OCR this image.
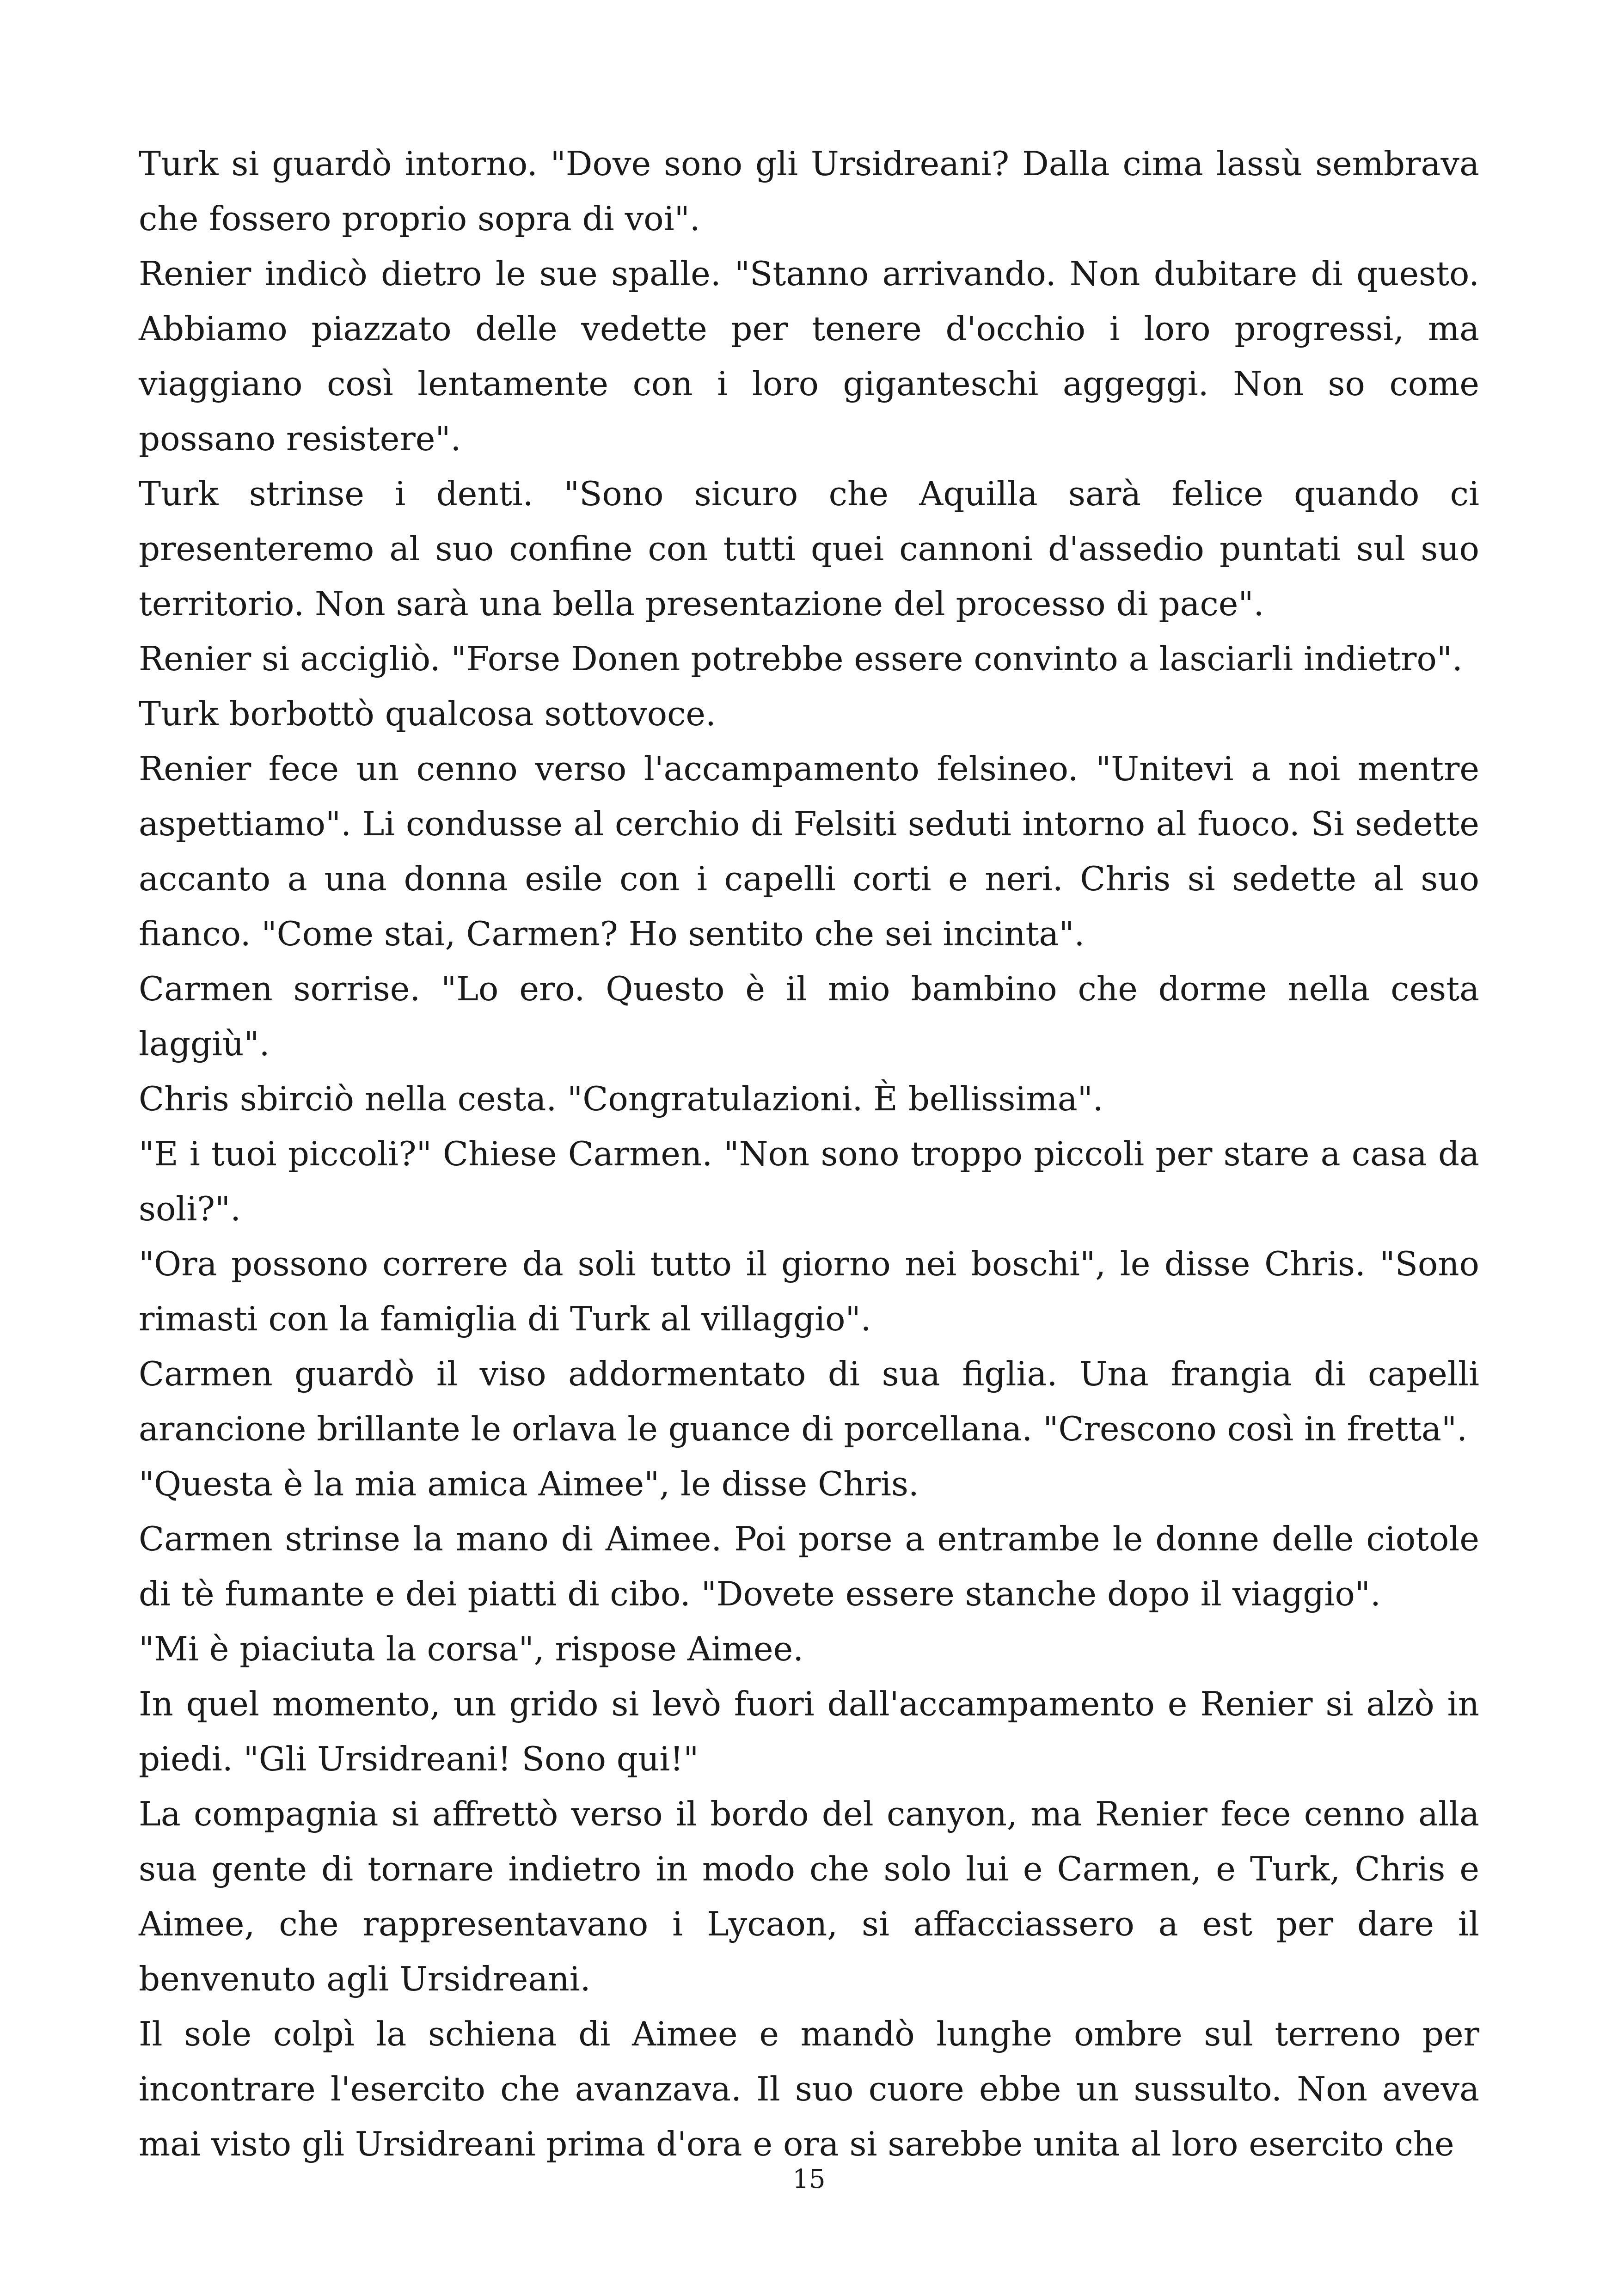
Turk si guardò intorno. "Dove sono gli Ursidreani? Dalla cima lassù sembrava che fossero proprio sopra di voi".

Renier indicò dietro le sue spalle. "Stanno arrivando. Non dubitare di questo. Abbiamo piazzato delle vedette per tenere d'occhio i loro progressi, ma viaggiano così lentamente con i loro giganteschi aggeggi. Non so come possano resistere".

Turk strinse i denti. "Sono sicuro che Aquilla sarà felice quando ci presenteremo al suo confine con tutti quei cannoni d'assedio puntati sul suo territorio. Non sarà una bella presentazione del processo di pace".

Renier si accigliò. "Forse Donen potrebbe essere convinto a lasciarli indietro".

Turk borbottò qualcosa sottovoce.

Renier fece un cenno verso l'accampamento felsineo. "Unitevi a noi mentre aspettiamo". Li condusse al cerchio di Felsiti seduti intorno al fuoco. Si sedette accanto a una donna esile con i capelli corti e neri. Chris si sedette al suo fianco. "Come stai, Carmen? Ho sentito che sei incinta".

Carmen sorrise. "Lo ero. Questo è il mio bambino che dorme nella cesta laggiù".

Chris sbirciò nella cesta. "Congratulazioni. È bellissima".

"E i tuoi piccoli?" Chiese Carmen. "Non sono troppo piccoli per stare a casa da soli?".

"Ora possono correre da soli tutto il giorno nei boschi", le disse Chris. "Sono rimasti con la famiglia di Turk al villaggio".

Carmen guardò il viso addormentato di sua figlia. Una frangia di capelli arancione brillante le orlava le guance di porcellana. "Crescono così in fretta".

"Questa è la mia amica Aimee", le disse Chris.

Carmen strinse la mano di Aimee. Poi porse a entrambe le donne delle ciotole di tè fumante e dei piatti di cibo. "Dovete essere stanche dopo il viaggio".

"Mi è piaciuta la corsa", rispose Aimee.

In quel momento, un grido si levò fuori dall'accampamento e Renier si alzò in piedi. "Gli Ursidreani! Sono qui!"

La compagnia si affrettò verso il bordo del canyon, ma Renier fece cenno alla sua gente di tornare indietro in modo che solo lui e Carmen, e Turk, Chris e Aimee, che rappresentavano i Lycaon, si affacciassero a est per dare il benvenuto agli Ursidreani.

Il sole colpì la schiena di Aimee e mandò lunghe ombre sul terreno per incontrare l'esercito che avanzava. Il suo cuore ebbe un sussulto. Non aveva mai visto gli Ursidreani prima d'ora e ora si sarebbe unita al loro esercito che

15
